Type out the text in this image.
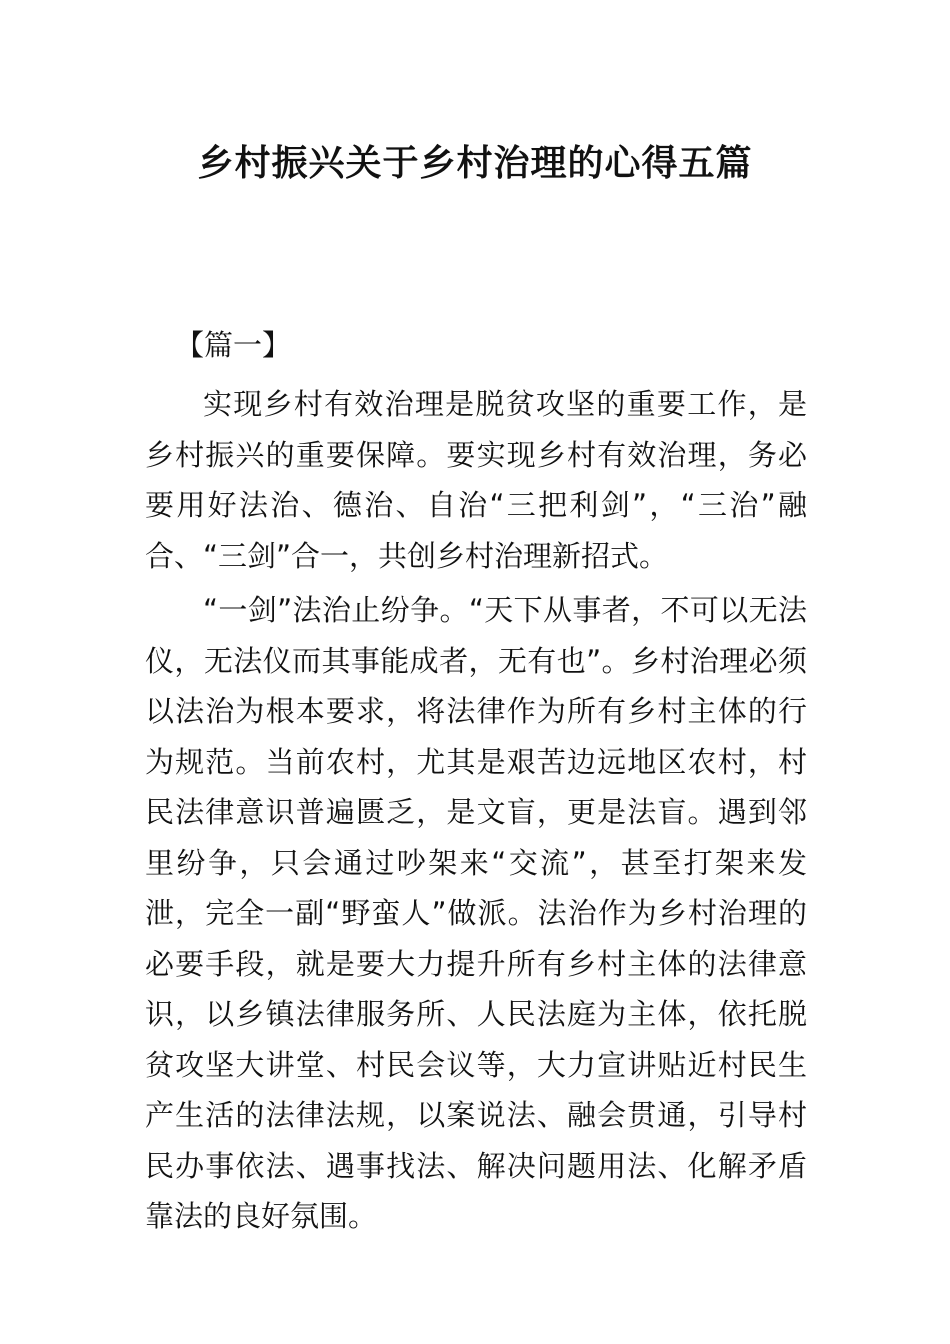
乡村振兴关于乡村治理的心得五篇
【篇一】

实现乡村有效治理是脱贫攻坚的重要工作，是乡村振兴的重要保障。要实现乡村有效治理，务必要用好法治、德治、自治“三把利剑”，“三治”融合、“三剑”合一，共创乡村治理新招式。

“一剑”法治止纷争。“天下从事者，不可以无法仪，无法仪而其事能成者，无有也”。乡村治理必须以法治为根本要求，将法律作为所有乡村主体的行为规范。当前农村，尤其是艰苦边远地区农村，村民法律意识普遍匮乏，是文盲，更是法盲。遇到邻里纷争，只会通过吵架来“交流”，甚至打架来发泄，完全一副“野蛮人”做派。法治作为乡村治理的必要手段，就是要大力提升所有乡村主体的法律意识，以乡镇法律服务所、人民法庭为主体，依托脱贫攻坚大讲堂、村民会议等，大力宣讲贴近村民生产生活的法律法规，以案说法、融会贯通，引导村民办事依法、遇事找法、解决问题用法、化解矛盾靠法的良好氛围。
